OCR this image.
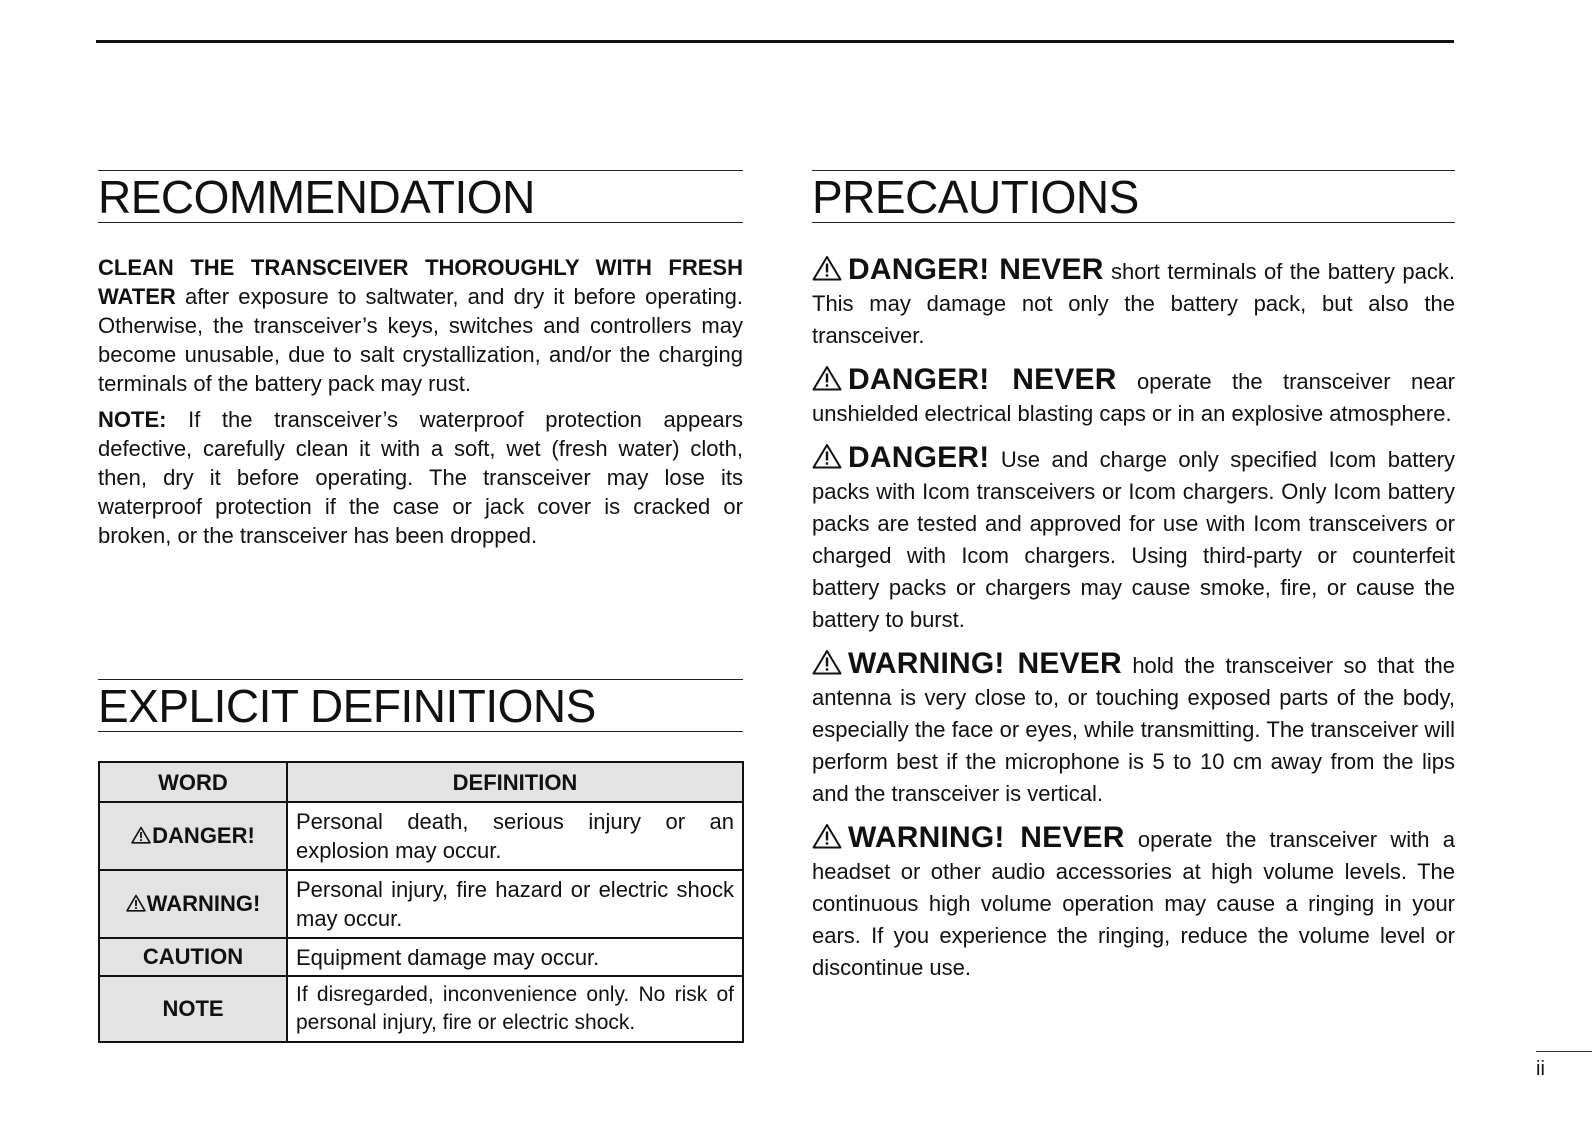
RECOMMENDATION

CLEAN THE TRANSCEIVER THOROUGHLY WITH FRESH WATER after exposure to saltwater, and dry it before operating. Otherwise, the transceiver’s keys, switches and controllers may become unusable, due to salt crystallization, and/or the charging terminals of the battery pack may rust.

NOTE: If the transceiver’s waterproof protection appears defective, carefully clean it with a soft, wet (fresh water) cloth, then, dry it before operating. The transceiver may lose its waterproof protection if the case or jack cover is cracked or broken, or the transceiver has been dropped.

EXPLICIT DEFINITIONS
WORD	DEFINITION
DANGER!	Personal death, serious injury or an explosion may occur.
WARNING!	Personal injury, fire hazard or electric shock may occur.
CAUTION	Equipment damage may occur.
NOTE	If disregarded, inconvenience only. No risk of personal injury, fire or electric shock.
PRECAUTIONS

DANGER! NEVER short terminals of the battery pack. This may damage not only the battery pack, but also the transceiver.

DANGER! NEVER operate the transceiver near unshielded electrical blasting caps or in an explosive atmosphere.

DANGER! Use and charge only specified Icom battery packs with Icom transceivers or Icom chargers. Only Icom battery packs are tested and approved for use with Icom transceivers or charged with Icom chargers. Using third-party or counterfeit battery packs or chargers may cause smoke, fire, or cause the battery to burst.

WARNING! NEVER hold the transceiver so that the antenna is very close to, or touching exposed parts of the body, especially the face or eyes, while transmitting. The transceiver will perform best if the microphone is 5 to 10 cm away from the lips and the transceiver is vertical.

WARNING! NEVER operate the transceiver with a headset or other audio accessories at high volume levels. The continuous high volume operation may cause a ringing in your ears. If you experience the ringing, reduce the volume level or discontinue use.

ii
